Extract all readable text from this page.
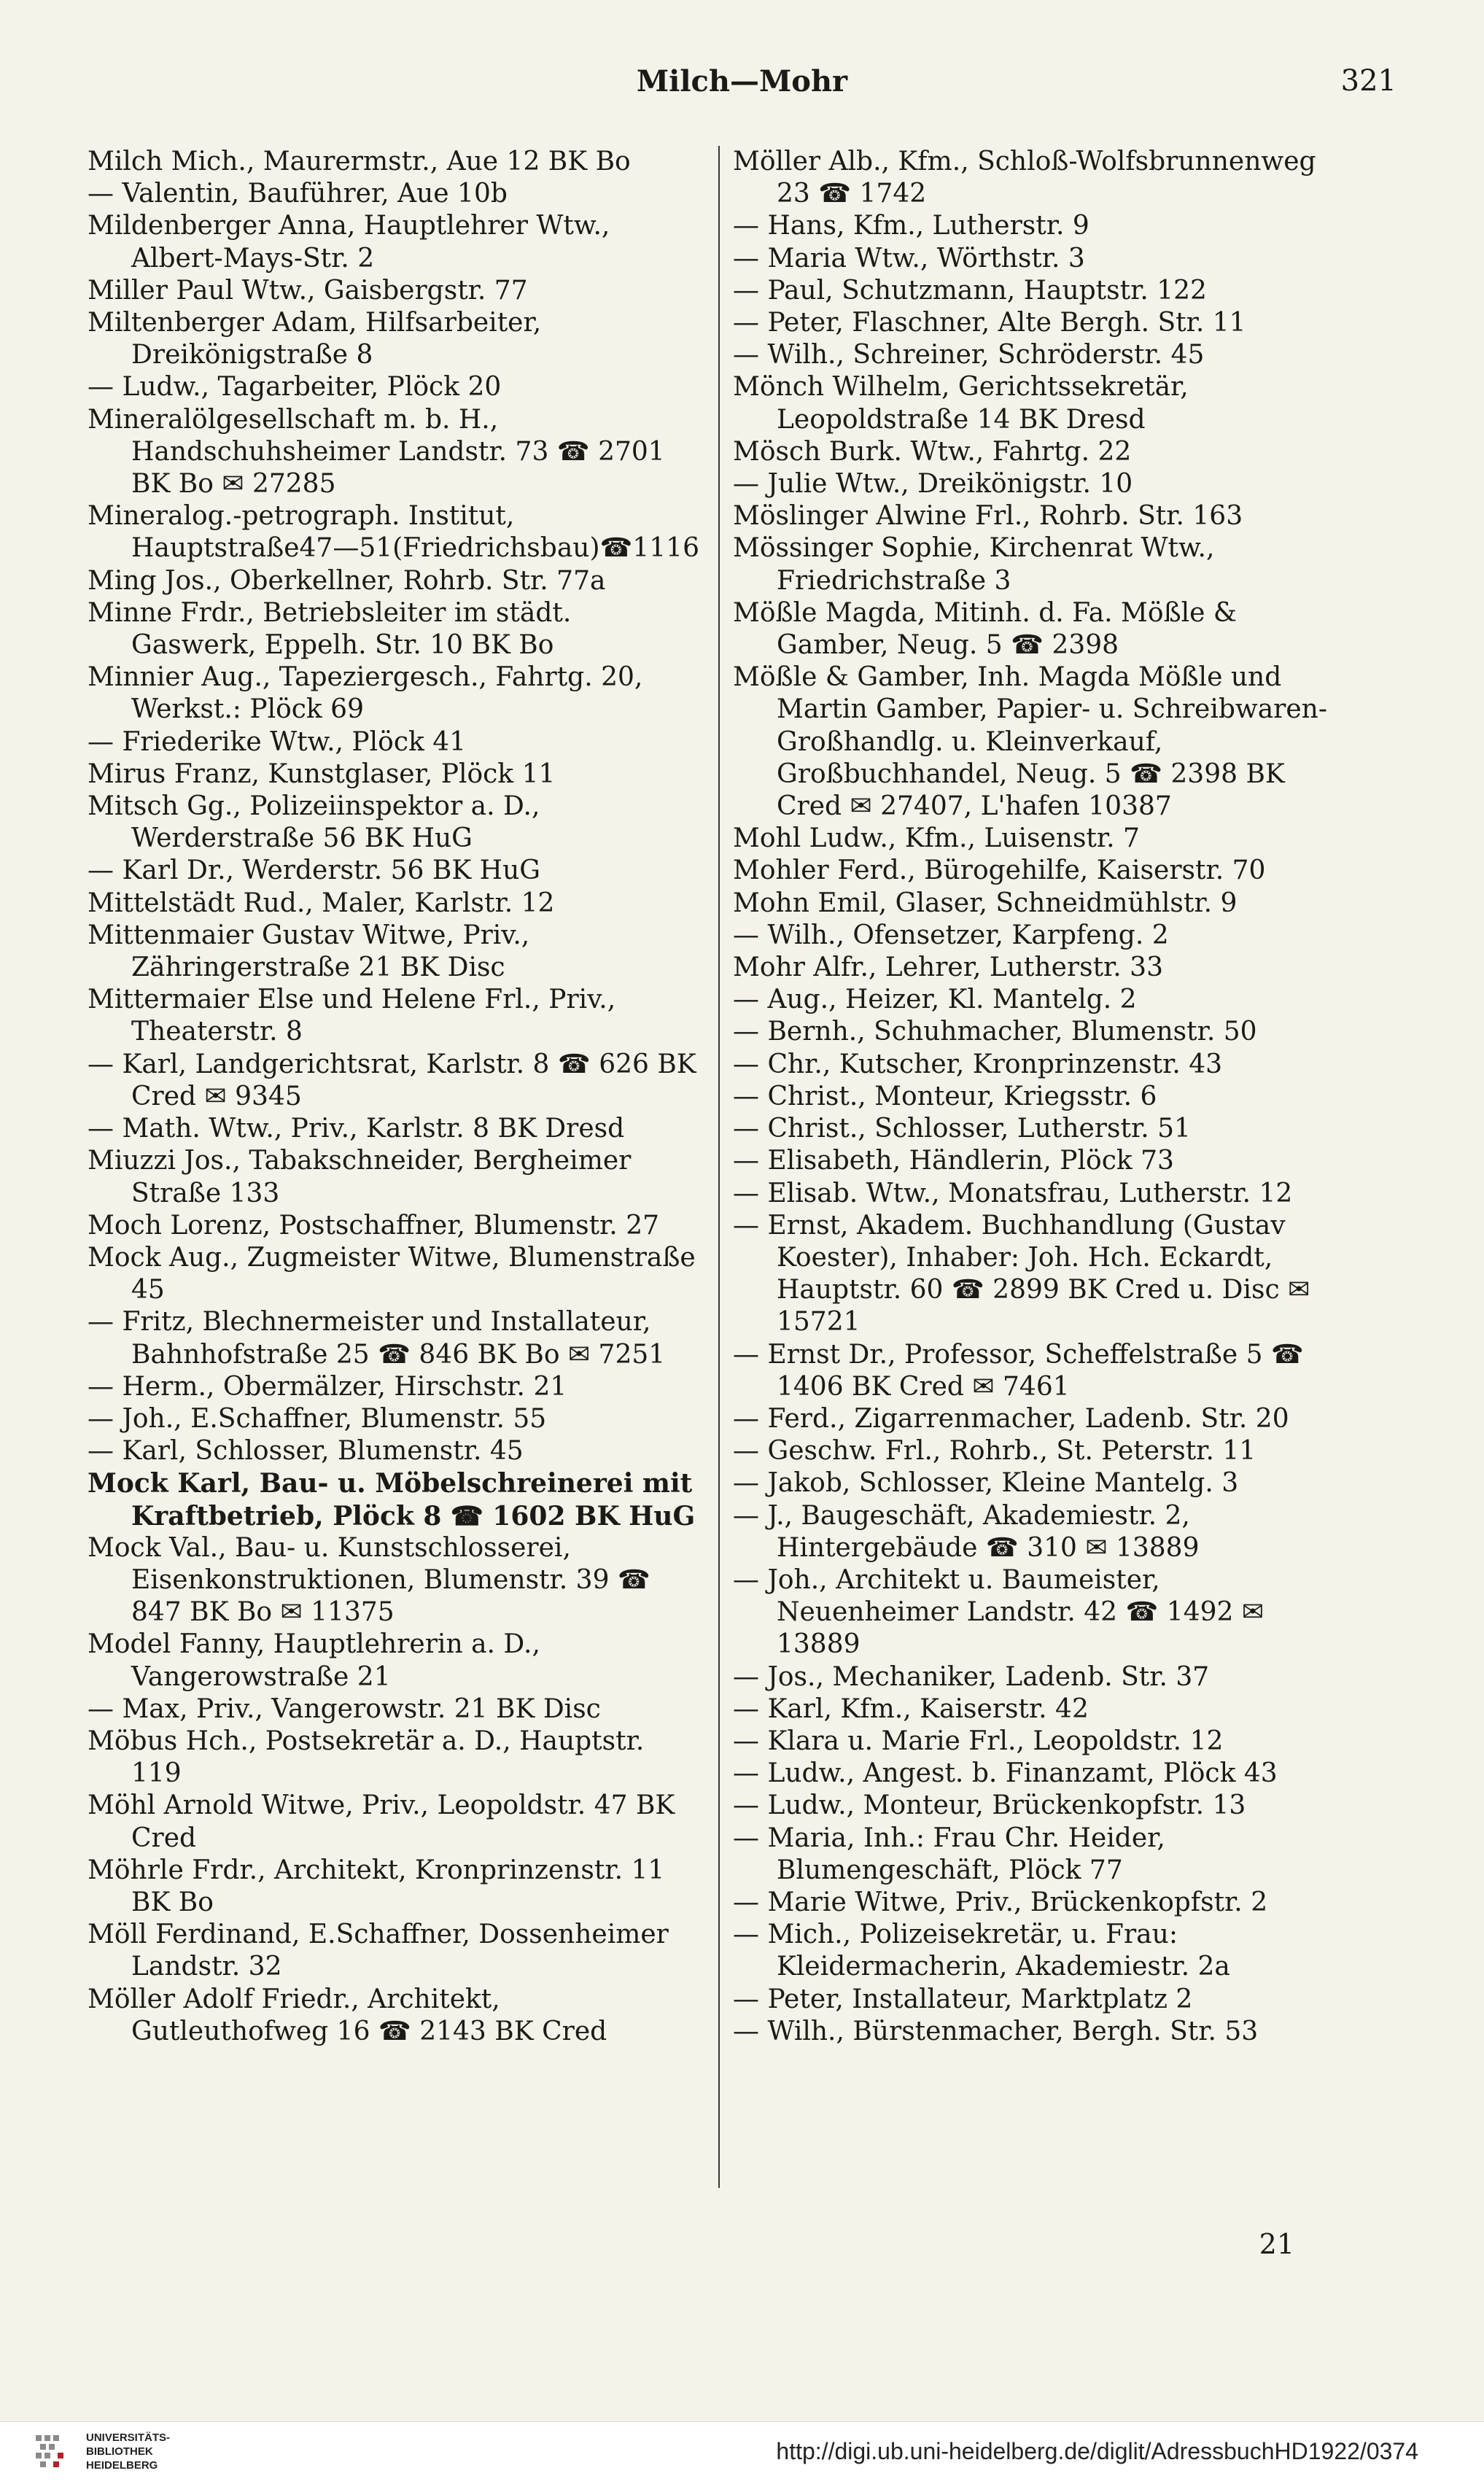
Milch—Mohr	321
Milch Mich., Maurermstr., Aue 12 BK Bo
— Valentin, Bauführer, Aue 10b
Mildenberger Anna, Hauptlehrer Wtw., Albert-Mays-Str. 2
Miller Paul Wtw., Gaisbergstr. 77
Miltenberger Adam, Hilfsarbeiter, Dreikönigstraße 8
— Ludw., Tagarbeiter, Plöck 20
Mineralölgesellschaft m. b. H., Handschuhsheimer Landstr. 73 ☎ 2701 BK Bo ✉ 27285
Mineralog.-petrograph. Institut, Hauptstraße47—51(Friedrichsbau)☎1116
Ming Jos., Oberkellner, Rohrb. Str. 77a
Minne Frdr., Betriebsleiter im städt. Gaswerk, Eppelh. Str. 10 BK Bo
Minnier Aug., Tapeziergesch., Fahrtg. 20, Werkst.: Plöck 69
— Friederike Wtw., Plöck 41
Mirus Franz, Kunstglaser, Plöck 11
Mitsch Gg., Polizeiinspektor a. D., Werderstraße 56 BK HuG
— Karl Dr., Werderstr. 56 BK HuG
Mittelstädt Rud., Maler, Karlstr. 12
Mittenmaier Gustav Witwe, Priv., Zähringerstraße 21 BK Disc
Mittermaier Else und Helene Frl., Priv., Theaterstr. 8
— Karl, Landgerichtsrat, Karlstr. 8 ☎ 626 BK Cred ✉ 9345
— Math. Wtw., Priv., Karlstr. 8 BK Dresd
Miuzzi Jos., Tabakschneider, Bergheimer Straße 133
Moch Lorenz, Postschaffner, Blumenstr. 27
Mock Aug., Zugmeister Witwe, Blumenstraße 45
— Fritz, Blechnermeister und Installateur, Bahnhofstraße 25 ☎ 846 BK Bo ✉ 7251
— Herm., Obermälzer, Hirschstr. 21
— Joh., E.Schaffner, Blumenstr. 55
— Karl, Schlosser, Blumenstr. 45
Mock Karl, Bau- u. Möbelschreinerei mit Kraftbetrieb, Plöck 8 ☎ 1602 BK HuG
Mock Val., Bau- u. Kunstschlosserei, Eisenkonstruktionen, Blumenstr. 39 ☎ 847 BK Bo ✉ 11375
Model Fanny, Hauptlehrerin a. D., Vangerowstraße 21
— Max, Priv., Vangerowstr. 21 BK Disc
Möbus Hch., Postsekretär a. D., Hauptstr. 119
Möhl Arnold Witwe, Priv., Leopoldstr. 47 BK Cred
Möhrle Frdr., Architekt, Kronprinzenstr. 11 BK Bo
Möll Ferdinand, E.Schaffner, Dossenheimer Landstr. 32
Möller Adolf Friedr., Architekt, Gutleuthofweg 16 ☎ 2143 BK Cred
Möller Alb., Kfm., Schloß-Wolfsbrunnenweg 23 ☎ 1742
— Hans, Kfm., Lutherstr. 9
— Maria Wtw., Wörthstr. 3
— Paul, Schutzmann, Hauptstr. 122
— Peter, Flaschner, Alte Bergh. Str. 11
— Wilh., Schreiner, Schröderstr. 45
Mönch Wilhelm, Gerichtssekretär, Leopoldstraße 14 BK Dresd
Mösch Burk. Wtw., Fahrtg. 22
— Julie Wtw., Dreikönigstr. 10
Möslinger Alwine Frl., Rohrb. Str. 163
Mössinger Sophie, Kirchenrat Wtw., Friedrichstraße 3
Mößle Magda, Mitinh. d. Fa. Mößle & Gamber, Neug. 5 ☎ 2398
Mößle & Gamber, Inh. Magda Mößle und Martin Gamber, Papier- u. Schreibwaren-Großhandlg. u. Kleinverkauf, Großbuchhandel, Neug. 5 ☎ 2398 BK Cred ✉ 27407, L'hafen 10387
Mohl Ludw., Kfm., Luisenstr. 7
Mohler Ferd., Bürogehilfe, Kaiserstr. 70
Mohn Emil, Glaser, Schneidmühlstr. 9
— Wilh., Ofensetzer, Karpfeng. 2
Mohr Alfr., Lehrer, Lutherstr. 33
— Aug., Heizer, Kl. Mantelg. 2
— Bernh., Schuhmacher, Blumenstr. 50
— Chr., Kutscher, Kronprinzenstr. 43
— Christ., Monteur, Kriegsstr. 6
— Christ., Schlosser, Lutherstr. 51
— Elisabeth, Händlerin, Plöck 73
— Elisab. Wtw., Monatsfrau, Lutherstr. 12
— Ernst, Akadem. Buchhandlung (Gustav Koester), Inhaber: Joh. Hch. Eckardt, Hauptstr. 60 ☎ 2899 BK Cred u. Disc ✉ 15721
— Ernst Dr., Professor, Scheffelstraße 5 ☎ 1406 BK Cred ✉ 7461
— Ferd., Zigarrenmacher, Ladenb. Str. 20
— Geschw. Frl., Rohrb., St. Peterstr. 11
— Jakob, Schlosser, Kleine Mantelg. 3
— J., Baugeschäft, Akademiestr. 2, Hintergebäude ☎ 310 ✉ 13889
— Joh., Architekt u. Baumeister, Neuenheimer Landstr. 42 ☎ 1492 ✉ 13889
— Jos., Mechaniker, Ladenb. Str. 37
— Karl, Kfm., Kaiserstr. 42
— Klara u. Marie Frl., Leopoldstr. 12
— Ludw., Angest. b. Finanzamt, Plöck 43
— Ludw., Monteur, Brückenkopfstr. 13
— Maria, Inh.: Frau Chr. Heider, Blumengeschäft, Plöck 77
— Marie Witwe, Priv., Brückenkopfstr. 2
— Mich., Polizeisekretär, u. Frau: Kleidermacherin, Akademiestr. 2a
— Peter, Installateur, Marktplatz 2
— Wilh., Bürstenmacher, Bergh. Str. 53
21
UNIVERSITÄTS-
BIBLIOTHEK
HEIDELBERG
http://digi.ub.uni-heidelberg.de/diglit/AdressbuchHD1922/0374
